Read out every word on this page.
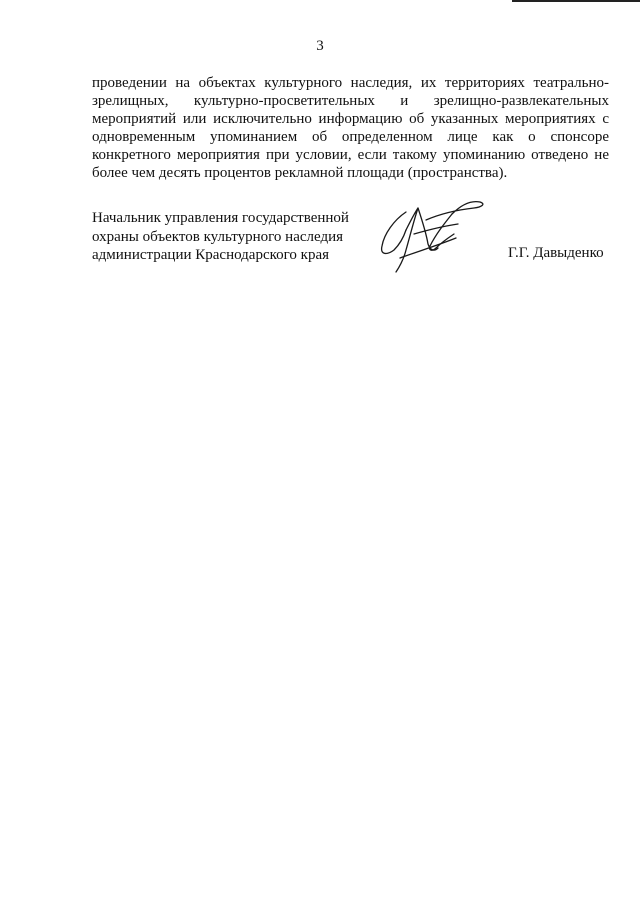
3

проведении на объектах культурного наследия, их территориях театрально-зрелищных, культурно-просветительных и зрелищно-развлекательных мероприятий или исключительно информацию об указанных мероприятиях с одновременным упоминанием об определенном лице как о спонсоре конкретного мероприятия при условии, если такому упоминанию отведено не более чем десять процентов рекламной площади (пространства).

Начальник управления государственной
охраны объектов культурного наследия
администрации Краснодарского края	Г.Г. Давыденко
